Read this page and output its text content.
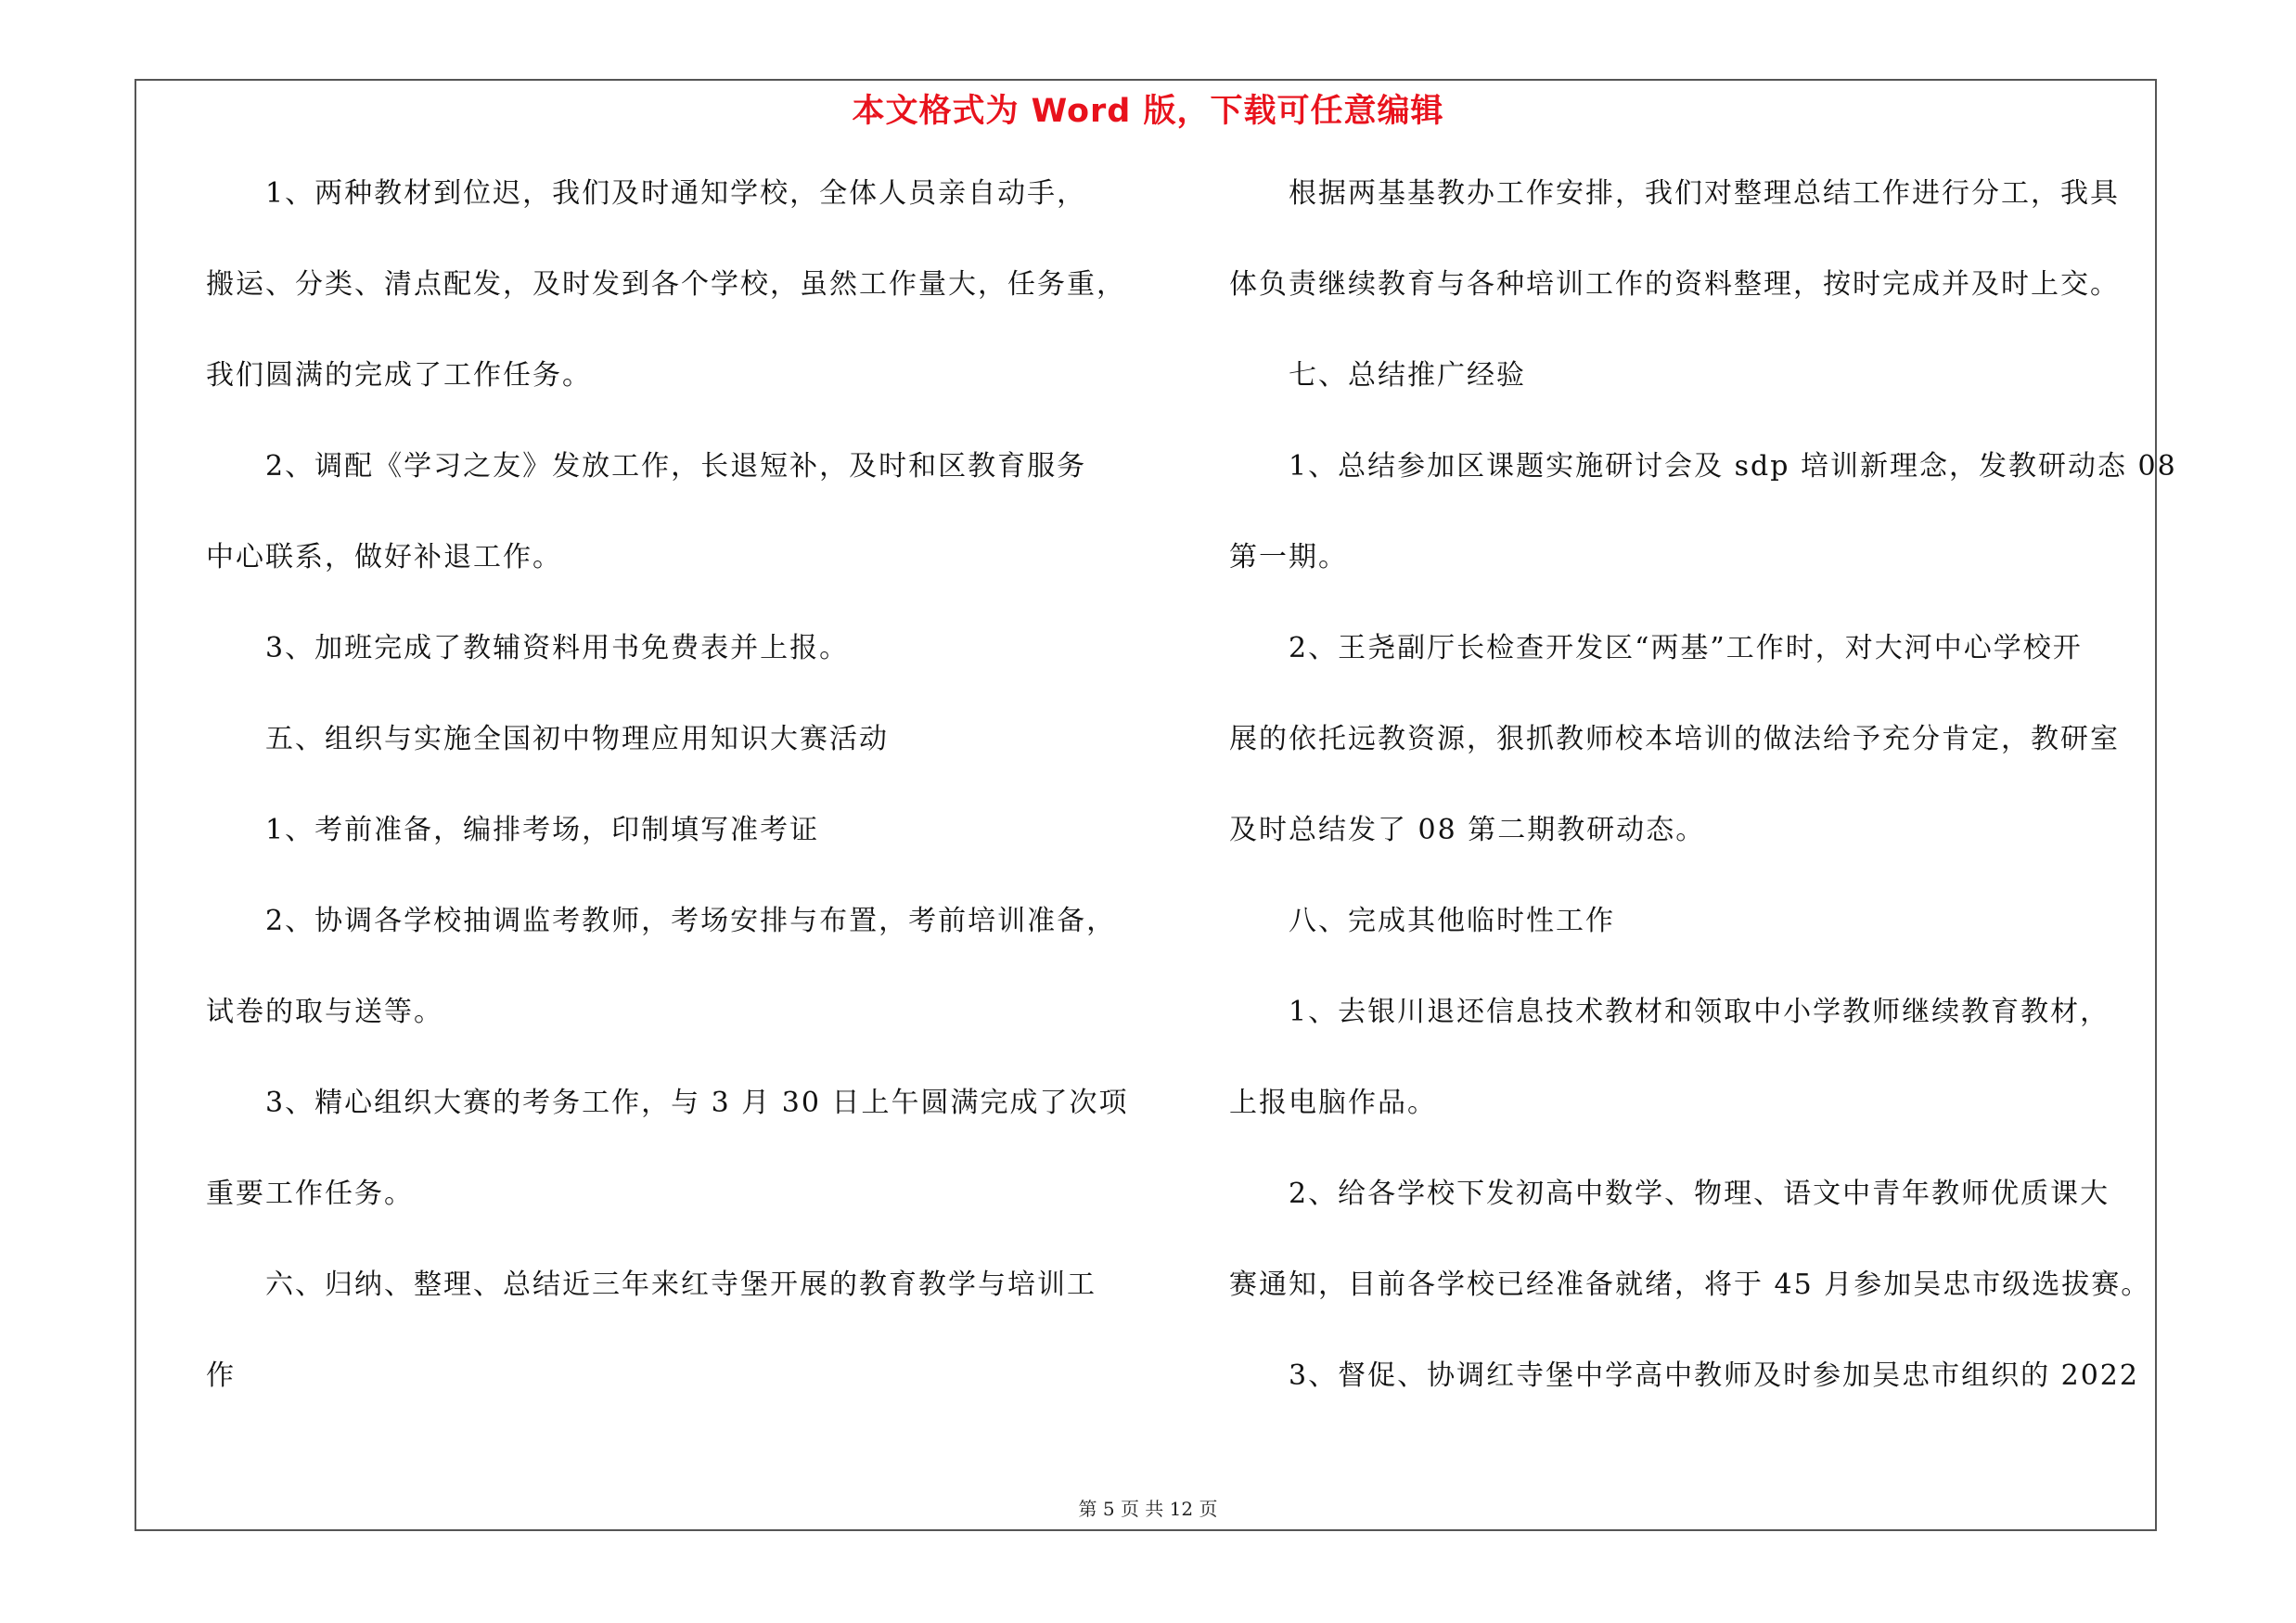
本文格式为 Word 版，下载可任意编辑
1、两种教材到位迟，我们及时通知学校，全体人员亲自动手，
搬运、分类、清点配发，及时发到各个学校，虽然工作量大，任务重，
我们圆满的完成了工作任务。
2、调配《学习之友》发放工作，长退短补，及时和区教育服务
中心联系，做好补退工作。
3、加班完成了教辅资料用书免费表并上报。
五、组织与实施全国初中物理应用知识大赛活动
1、考前准备，编排考场，印制填写准考证
2、协调各学校抽调监考教师，考场安排与布置，考前培训准备，
试卷的取与送等。
3、精心组织大赛的考务工作，与 3 月 30 日上午圆满完成了次项
重要工作任务。
六、归纳、整理、总结近三年来红寺堡开展的教育教学与培训工
作
根据两基基教办工作安排，我们对整理总结工作进行分工，我具
体负责继续教育与各种培训工作的资料整理，按时完成并及时上交。
七、总结推广经验
1、总结参加区课题实施研讨会及 sdp 培训新理念，发教研动态 08
第一期。
2、王尧副厅长检查开发区“两基”工作时，对大河中心学校开
展的依托远教资源，狠抓教师校本培训的做法给予充分肯定，教研室
及时总结发了 08 第二期教研动态。
八、完成其他临时性工作
1、去银川退还信息技术教材和领取中小学教师继续教育教材，
上报电脑作品。
2、给各学校下发初高中数学、物理、语文中青年教师优质课大
赛通知，目前各学校已经准备就绪，将于 45 月参加吴忠市级选拔赛。
3、督促、协调红寺堡中学高中教师及时参加吴忠市组织的 2022
第 5 页 共 12 页
